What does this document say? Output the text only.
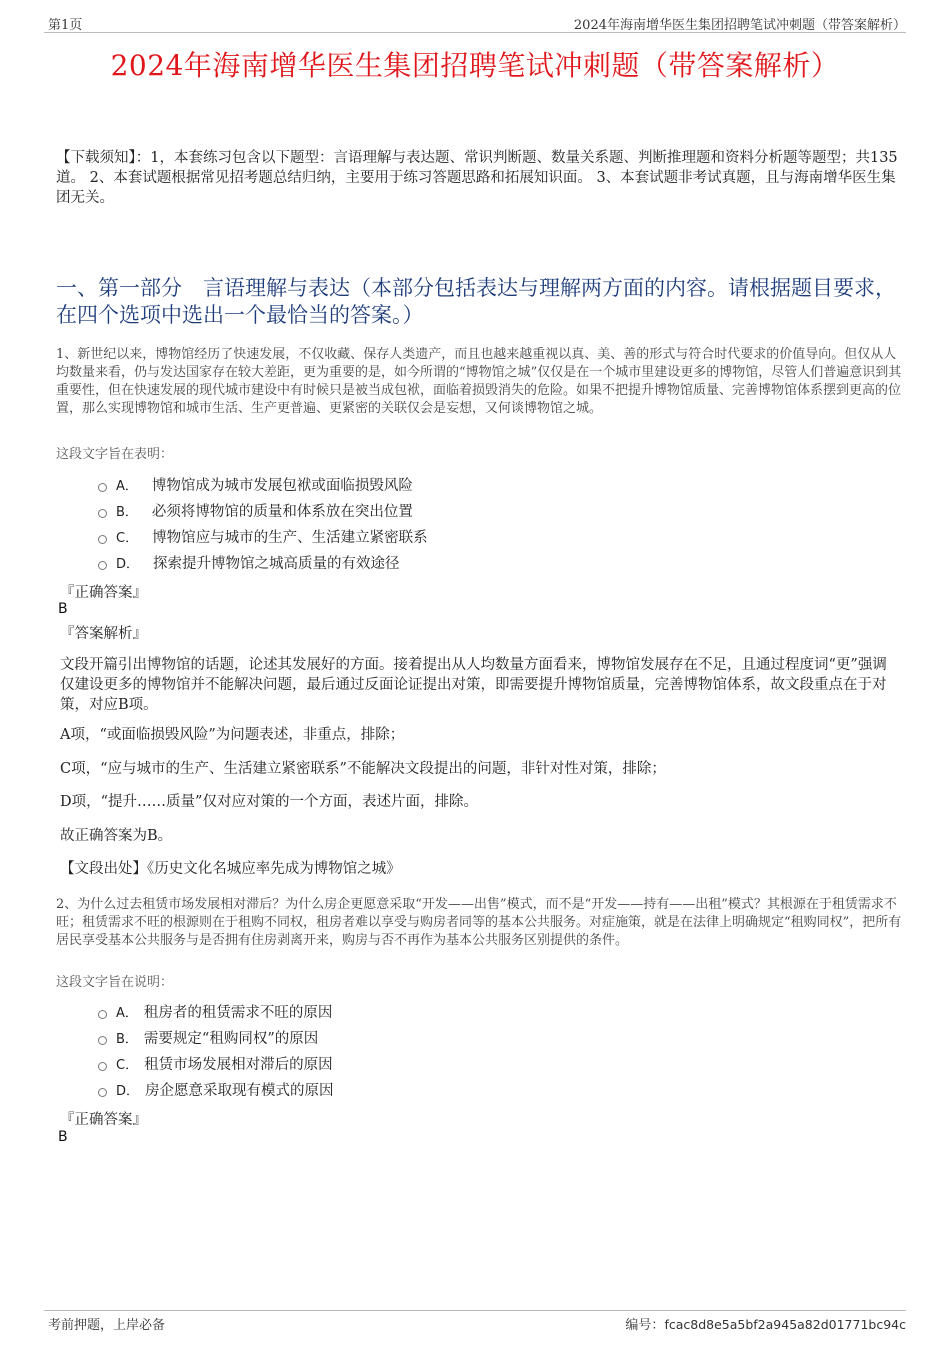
第1页	2024年海南增华医生集团招聘笔试冲刺题（带答案解析）
2024年海南增华医生集团招聘笔试冲刺题（带答案解析）
【下载须知】：1，本套练习包含以下题型：言语理解与表达题、常识判断题、数量关系题、判断推理题和资料分析题等题型；共135道。 2、本套试题根据常见招考题总结归纳，主要用于练习答题思路和拓展知识面。 3、本套试题非考试真题，且与海南增华医生集团无关。
一、第一部分　言语理解与表达（本部分包括表达与理解两方面的内容。请根据题目要求，在四个选项中选出一个最恰当的答案。）
1、新世纪以来，博物馆经历了快速发展，不仅收藏、保存人类遗产，而且也越来越重视以真、美、善的形式与符合时代要求的价值导向。但仅从人均数量来看，仍与发达国家存在较大差距，更为重要的是，如今所谓的“博物馆之城”仅仅是在一个城市里建设更多的博物馆，尽管人们普遍意识到其重要性，但在快速发展的现代城市建设中有时候只是被当成包袱，面临着损毁消失的危险。如果不把提升博物馆质量、完善博物馆体系摆到更高的位置，那么实现博物馆和城市生活、生产更普遍、更紧密的关联仅会是妄想，又何谈博物馆之城。
这段文字旨在表明：
A． 博物馆成为城市发展包袱或面临损毁风险
B． 必须将博物馆的质量和体系放在突出位置
C． 博物馆应与城市的生产、生活建立紧密联系
D． 探索提升博物馆之城高质量的有效途径
『正确答案』
B
『答案解析』
文段开篇引出博物馆的话题，论述其发展好的方面。接着提出从人均数量方面看来，博物馆发展存在不足，且通过程度词“更”强调仅建设更多的博物馆并不能解决问题，最后通过反面论证提出对策，即需要提升博物馆质量，完善博物馆体系，故文段重点在于对策，对应B项。
A项，“或面临损毁风险”为问题表述，非重点，排除；
C项，“应与城市的生产、生活建立紧密联系”不能解决文段提出的问题，非针对性对策，排除；
D项，“提升……质量”仅对应对策的一个方面，表述片面，排除。
故正确答案为B。
【文段出处】《历史文化名城应率先成为博物馆之城》
2、为什么过去租赁市场发展相对滞后？为什么房企更愿意采取“开发——出售”模式，而不是“开发——持有——出租”模式？其根源在于租赁需求不旺；租赁需求不旺的根源则在于租购不同权，租房者难以享受与购房者同等的基本公共服务。对症施策，就是在法律上明确规定“租购同权”，把所有居民享受基本公共服务与是否拥有住房剥离开来，购房与否不再作为基本公共服务区别提供的条件。
这段文字旨在说明：
A． 租房者的租赁需求不旺的原因
B． 需要规定“租购同权”的原因
C． 租赁市场发展相对滞后的原因
D． 房企愿意采取现有模式的原因
『正确答案』
B
考前押题，上岸必备	编号：fcac8d8e5a5bf2a945a82d01771bc94c
